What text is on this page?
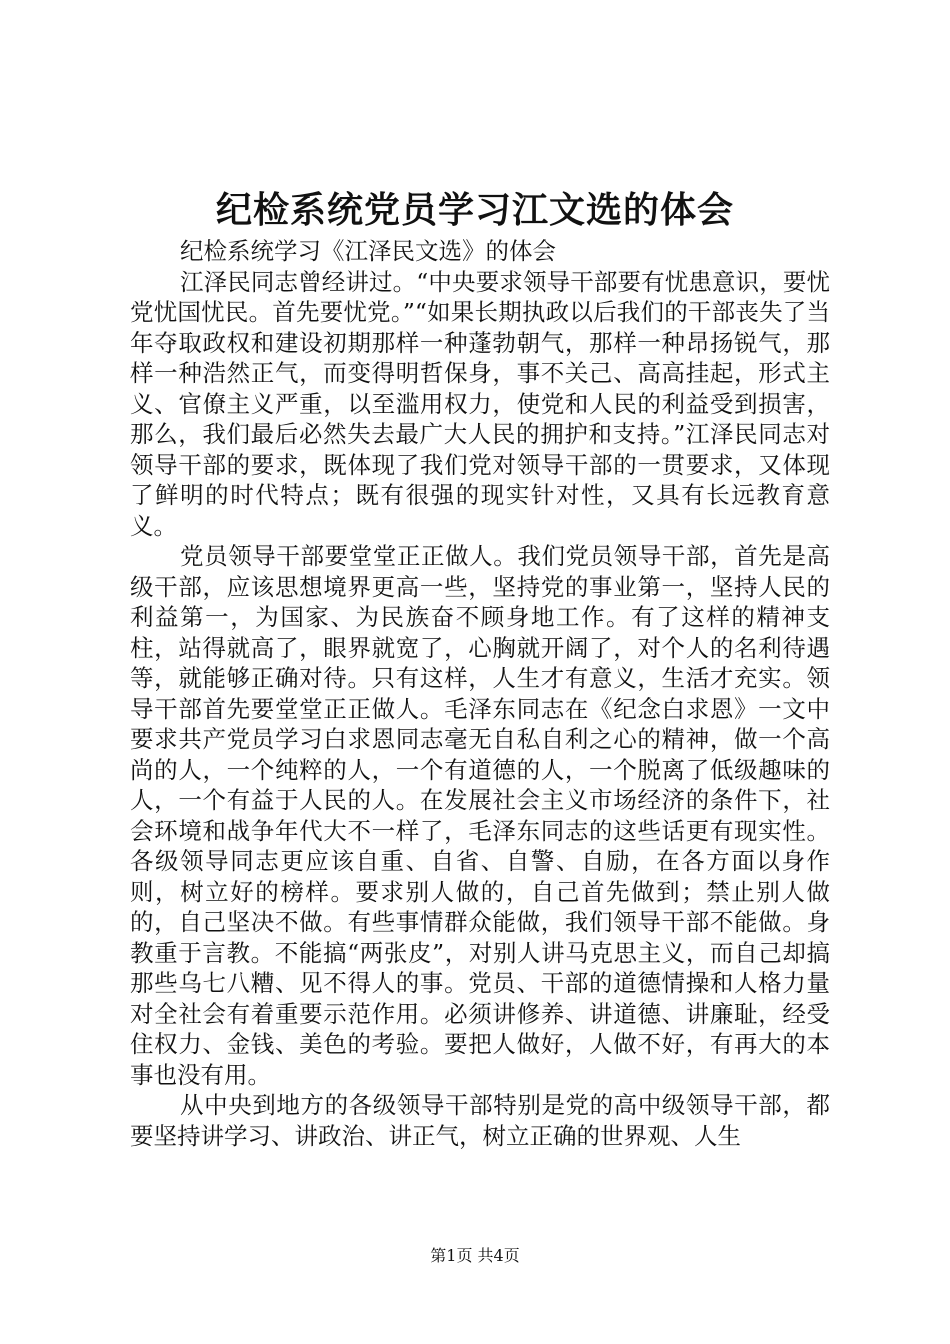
纪检系统党员学习江文选的体会

纪检系统学习《江泽民文选》的体会

江泽民同志曾经讲过。“中央要求领导干部要有忧患意识，要忧党忧国忧民。首先要忧党。”“如果长期执政以后我们的干部丧失了当年夺取政权和建设初期那样一种蓬勃朝气，那样一种昂扬锐气，那样一种浩然正气，而变得明哲保身，事不关己、高高挂起，形式主义、官僚主义严重，以至滥用权力，使党和人民的利益受到损害，那么，我们最后必然失去最广大人民的拥护和支持。”江泽民同志对领导干部的要求，既体现了我们党对领导干部的一贯要求，又体现了鲜明的时代特点；既有很强的现实针对性，又具有长远教育意义。

党员领导干部要堂堂正正做人。我们党员领导干部，首先是高级干部，应该思想境界更高一些，坚持党的事业第一，坚持人民的利益第一，为国家、为民族奋不顾身地工作。有了这样的精神支柱，站得就高了，眼界就宽了，心胸就开阔了，对个人的名利待遇等，就能够正确对待。只有这样，人生才有意义，生活才充实。领导干部首先要堂堂正正做人。毛泽东同志在《纪念白求恩》一文中要求共产党员学习白求恩同志毫无自私自利之心的精神，做一个高尚的人，一个纯粹的人，一个有道德的人，一个脱离了低级趣味的人，一个有益于人民的人。在发展社会主义市场经济的条件下，社会环境和战争年代大不一样了，毛泽东同志的这些话更有现实性。各级领导同志更应该自重、自省、自警、自励，在各方面以身作则，树立好的榜样。要求别人做的，自己首先做到；禁止别人做的，自己坚决不做。有些事情群众能做，我们领导干部不能做。身教重于言教。不能搞“两张皮”，对别人讲马克思主义，而自己却搞那些乌七八糟、见不得人的事。党员、干部的道德情操和人格力量对全社会有着重要示范作用。必须讲修养、讲道德、讲廉耻，经受住权力、金钱、美色的考验。要把人做好，人做不好，有再大的本事也没有用。

从中央到地方的各级领导干部特别是党的高中级领导干部，都要坚持讲学习、讲政治、讲正气，树立正确的世界观、人生

第1页 共4页
